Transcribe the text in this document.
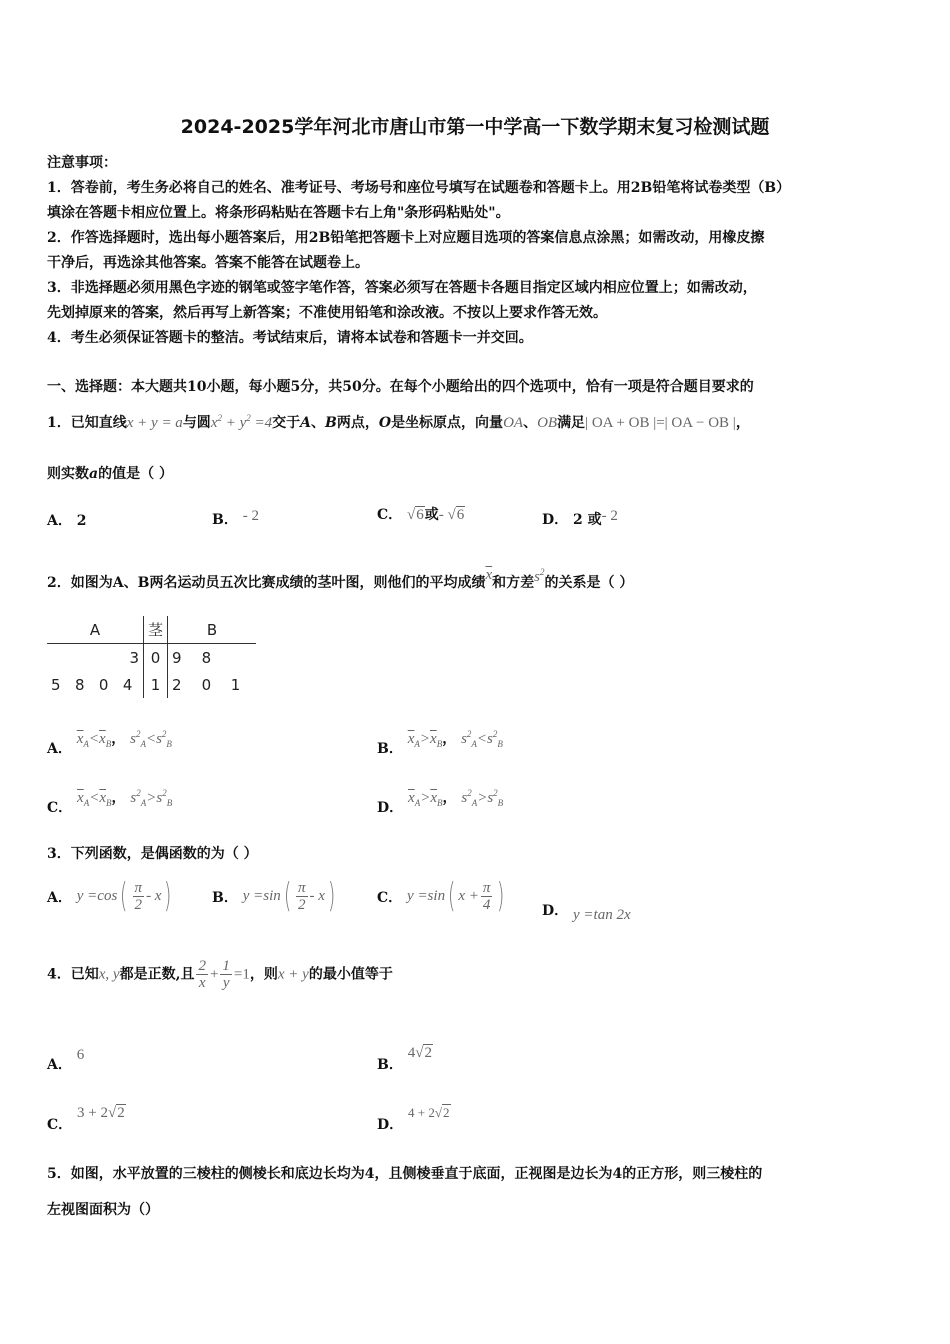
2024-2025学年河北市唐山市第一中学高一下数学期末复习检测试题
注意事项：
1．答卷前，考生务必将自己的姓名、准考证号、考场号和座位号填写在试题卷和答题卡上。用2B铅笔将试卷类型（B）
填涂在答题卡相应位置上。将条形码粘贴在答题卡右上角"条形码粘贴处"。
2．作答选择题时，选出每小题答案后，用2B铅笔把答题卡上对应题目选项的答案信息点涂黑；如需改动，用橡皮擦
干净后，再选涂其他答案。答案不能答在试题卷上。
3．非选择题必须用黑色字迹的钢笔或签字笔作答，答案必须写在答题卡各题目指定区域内相应位置上；如需改动，
先划掉原来的答案，然后再写上新答案；不准使用铅笔和涂改液。不按以上要求作答无效。
4．考生必须保证答题卡的整洁。考试结束后，请将本试卷和答题卡一并交回。
一、选择题：本大题共10小题，每小题5分，共50分。在每个小题给出的四个选项中，恰有一项是符合题目要求的
1．已知直线x + y = a与圆$x^2 + y^2 =4$交于A、B两点，O是坐标原点，向量OA、OB满足| OA + OB |=| OA − OB |，
则实数a的值是（ ）
A． 2	B． - 2	C． √6或- √6	D． 2 或- 2
2．如图为A、B两名运动员五次比赛成绩的茎叶图，则他们的平均成绩$\overline{x}$和方差$s^2$的关系是（ ）
A				茎	B		
			3	0	9	8	
5	8	0	4	1	2	0	1
A． $\overline{x}_A<\overline{x}_B$， $s^2_A<s^2_B$	B． $\overline{x}_A>\overline{x}_B$， $s^2_A<s^2_B$
C． $\overline{x}_A<\overline{x}_B$， $s^2_A>s^2_B$	D． $\overline{x}_A>\overline{x}_B$， $s^2_A>s^2_B$
3．下列函数，是偶函数的为（ ）
A． $y =\cos( \frac{\pi}{2} - x)$	B． $y =\sin( \frac{\pi}{2} - x)$	C． y =sin( $x + \frac{\pi}{4}$ )	D． y =tan 2x
4．已知x, y都是正数,且 $\frac{2}{x} + \frac{1}{y} =1$，则x + y的最小值等于
A． 6
B． 4√2
C． 3 + 2√2
D． 4 + 2√2
5．如图，水平放置的三棱柱的侧棱长和底边长均为4，且侧棱垂直于底面，正视图是边长为4的正方形，则三棱柱的
左视图面积为（）
